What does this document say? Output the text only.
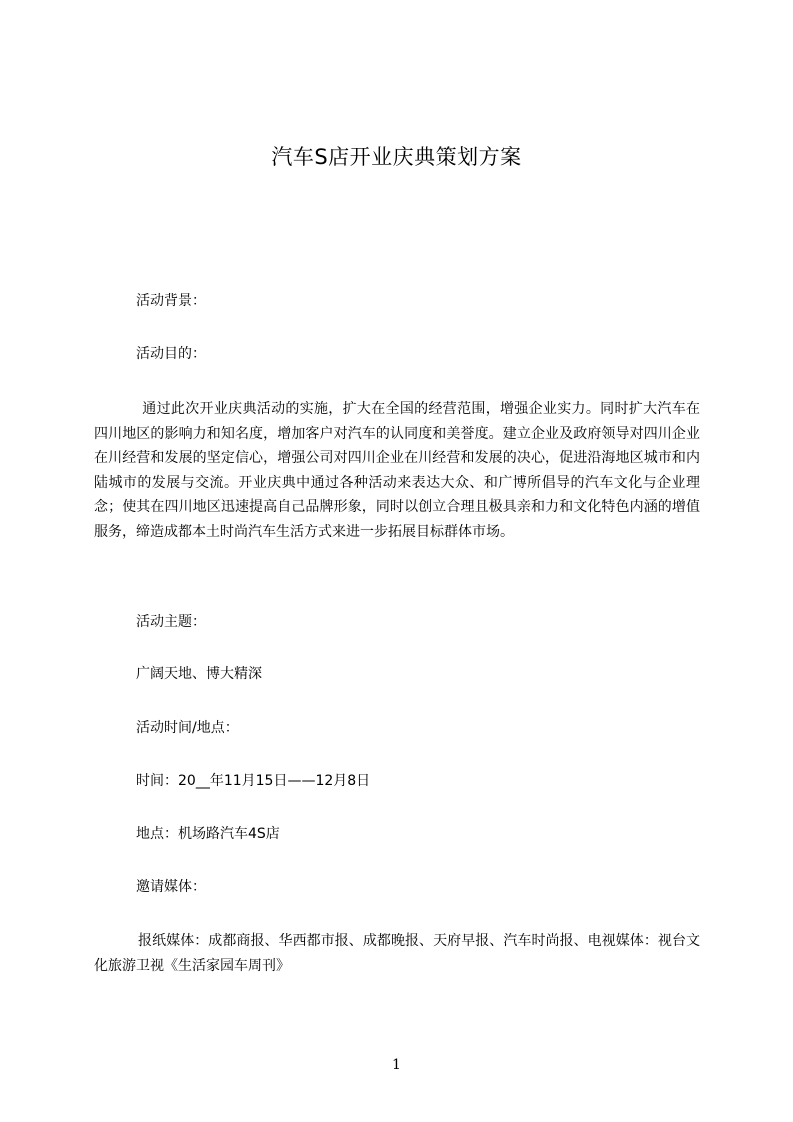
汽车S店开业庆典策划方案
活动背景：
活动目的：
通过此次开业庆典活动的实施，扩大在全国的经营范围，增强企业实力。同时扩大汽车在四川地区的影响力和知名度，增加客户对汽车的认同度和美誉度。建立企业及政府领导对四川企业在川经营和发展的坚定信心，增强公司对四川企业在川经营和发展的决心，促进沿海地区城市和内陆城市的发展与交流。开业庆典中通过各种活动来表达大众、和广博所倡导的汽车文化与企业理念；使其在四川地区迅速提高自己品牌形象，同时以创立合理且极具亲和力和文化特色内涵的增值服务，缔造成都本土时尚汽车生活方式来进一步拓展目标群体市场。
活动主题：
广阔天地、博大精深
活动时间/地点：
时间：20__年11月15日——12月8日
地点：机场路汽车4S店
邀请媒体：
报纸媒体：成都商报、华西都市报、成都晚报、天府早报、汽车时尚报、电视媒体：视台文化旅游卫视《生活家园车周刊》
1
